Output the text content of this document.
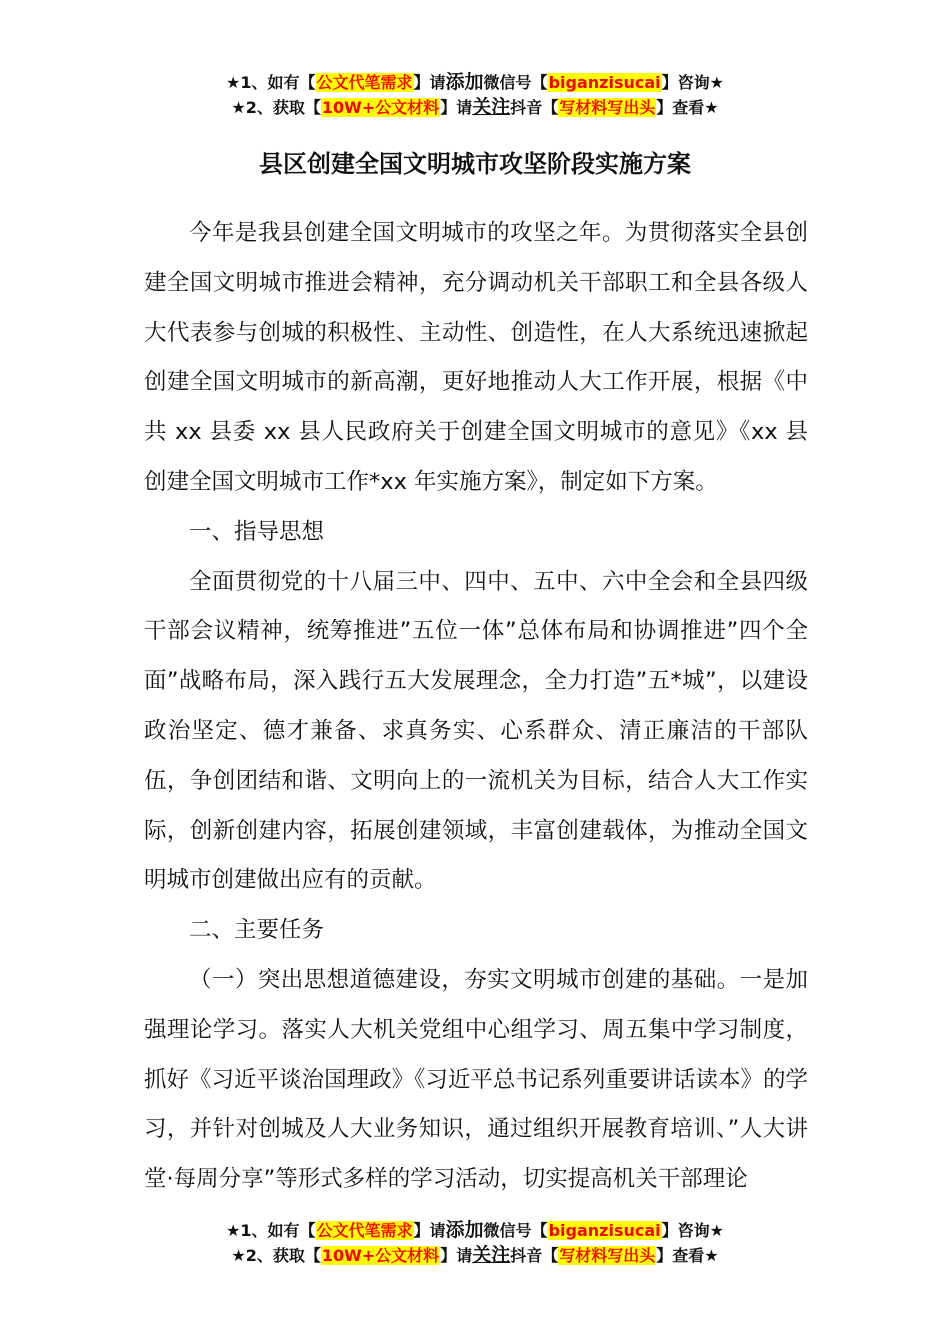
★1、如有【公文代笔需求】请添加微信号【biganzisucai】咨询★
★2、获取【10W+公文材料】请关注抖音【写材料写出头】查看★
县区创建全国文明城市攻坚阶段实施方案

今年是我县创建全国文明城市的攻坚之年。为贯彻落实全县创建全国文明城市推进会精神，充分调动机关干部职工和全县各级人大代表参与创城的积极性、主动性、创造性，在人大系统迅速掀起创建全国文明城市的新高潮，更好地推动人大工作开展，根据《中共 xx 县委 xx 县人民政府关于创建全国文明城市的意见》《xx 县创建全国文明城市工作*xx 年实施方案》，制定如下方案。

一、指导思想

全面贯彻党的十八届三中、四中、五中、六中全会和全县四级干部会议精神，统筹推进”五位一体”总体布局和协调推进”四个全面”战略布局，深入践行五大发展理念，全力打造”五*城”，以建设政治坚定、德才兼备、求真务实、心系群众、清正廉洁的干部队伍，争创团结和谐、文明向上的一流机关为目标，结合人大工作实际，创新创建内容，拓展创建领域，丰富创建载体，为推动全国文明城市创建做出应有的贡献。

二、主要任务

（一）突出思想道德建设，夯实文明城市创建的基础。一是加强理论学习。落实人大机关党组中心组学习、周五集中学习制度，抓好《习近平谈治国理政》《习近平总书记系列重要讲话读本》的学习，并针对创城及人大业务知识，通过组织开展教育培训、”人大讲堂·每周分享”等形式多样的学习活动，切实提高机关干部理论

★1、如有【公文代笔需求】请添加微信号【biganzisucai】咨询★
★2、获取【10W+公文材料】请关注抖音【写材料写出头】查看★
